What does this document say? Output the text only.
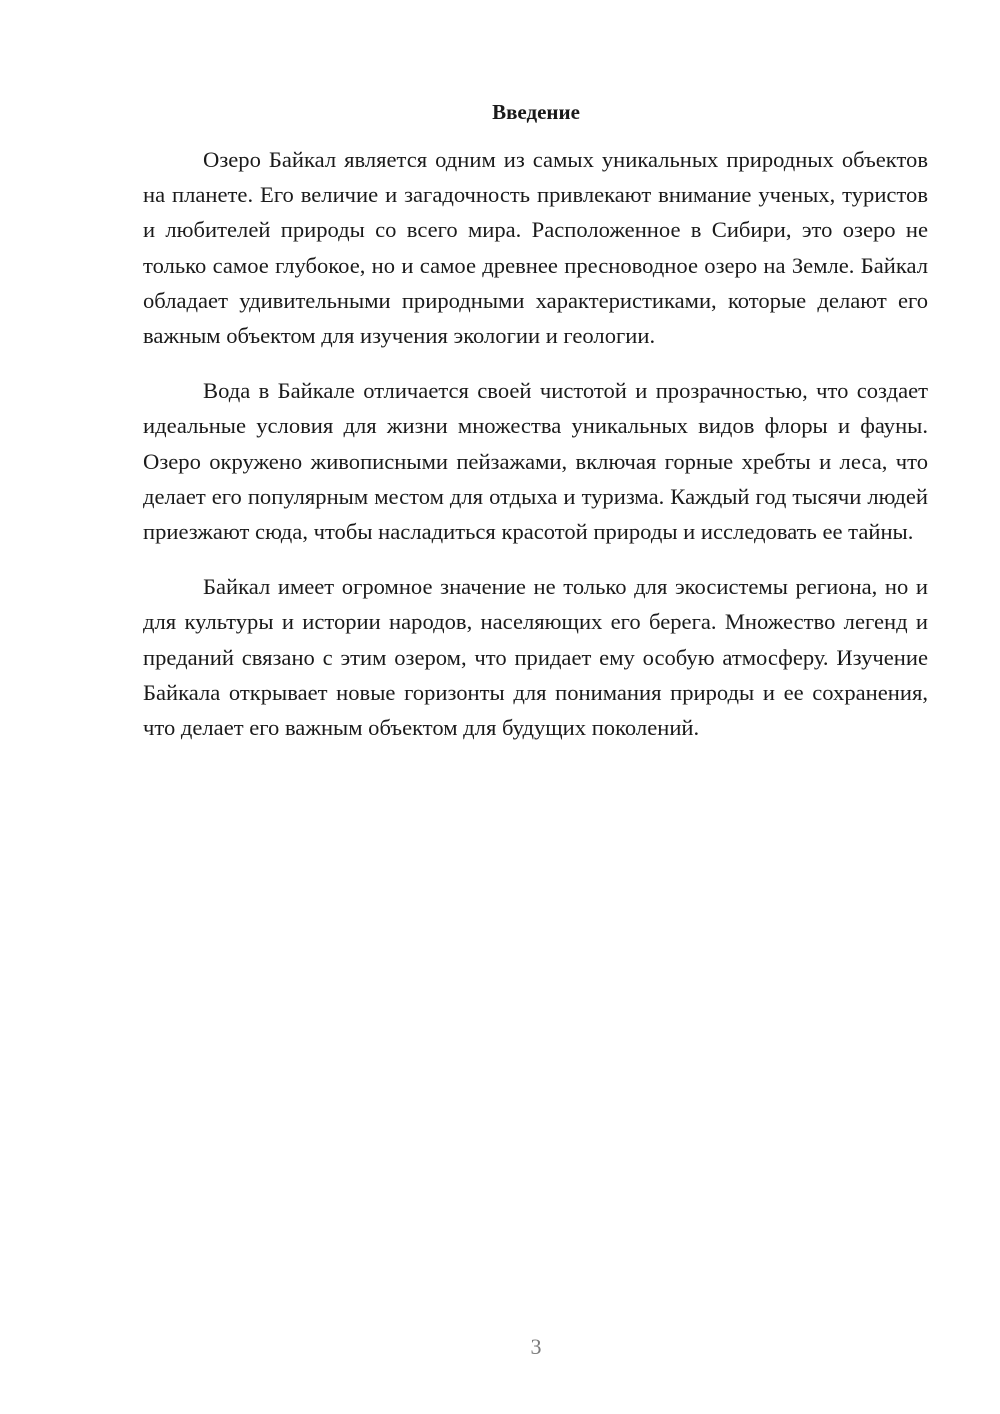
Введение

Озеро Байкал является одним из самых уникальных природных объектов на планете. Его величие и загадочность привлекают внимание ученых, туристов и любителей природы со всего мира. Расположенное в Сибири, это озеро не только самое глубокое, но и самое древнее пресноводное озеро на Земле. Байкал обладает удивительными природными характеристиками, которые делают его важным объектом для изучения экологии и геологии.

Вода в Байкале отличается своей чистотой и прозрачностью, что создает идеальные условия для жизни множества уникальных видов флоры и фауны. Озеро окружено живописными пейзажами, включая горные хребты и леса, что делает его популярным местом для отдыха и туризма. Каждый год тысячи людей приезжают сюда, чтобы насладиться красотой природы и исследовать ее тайны.

Байкал имеет огромное значение не только для экосистемы региона, но и для культуры и истории народов, населяющих его берега. Множество легенд и преданий связано с этим озером, что придает ему особую атмосферу. Изучение Байкала открывает новые горизонты для понимания природы и ее сохранения, что делает его важным объектом для будущих поколений.

3
